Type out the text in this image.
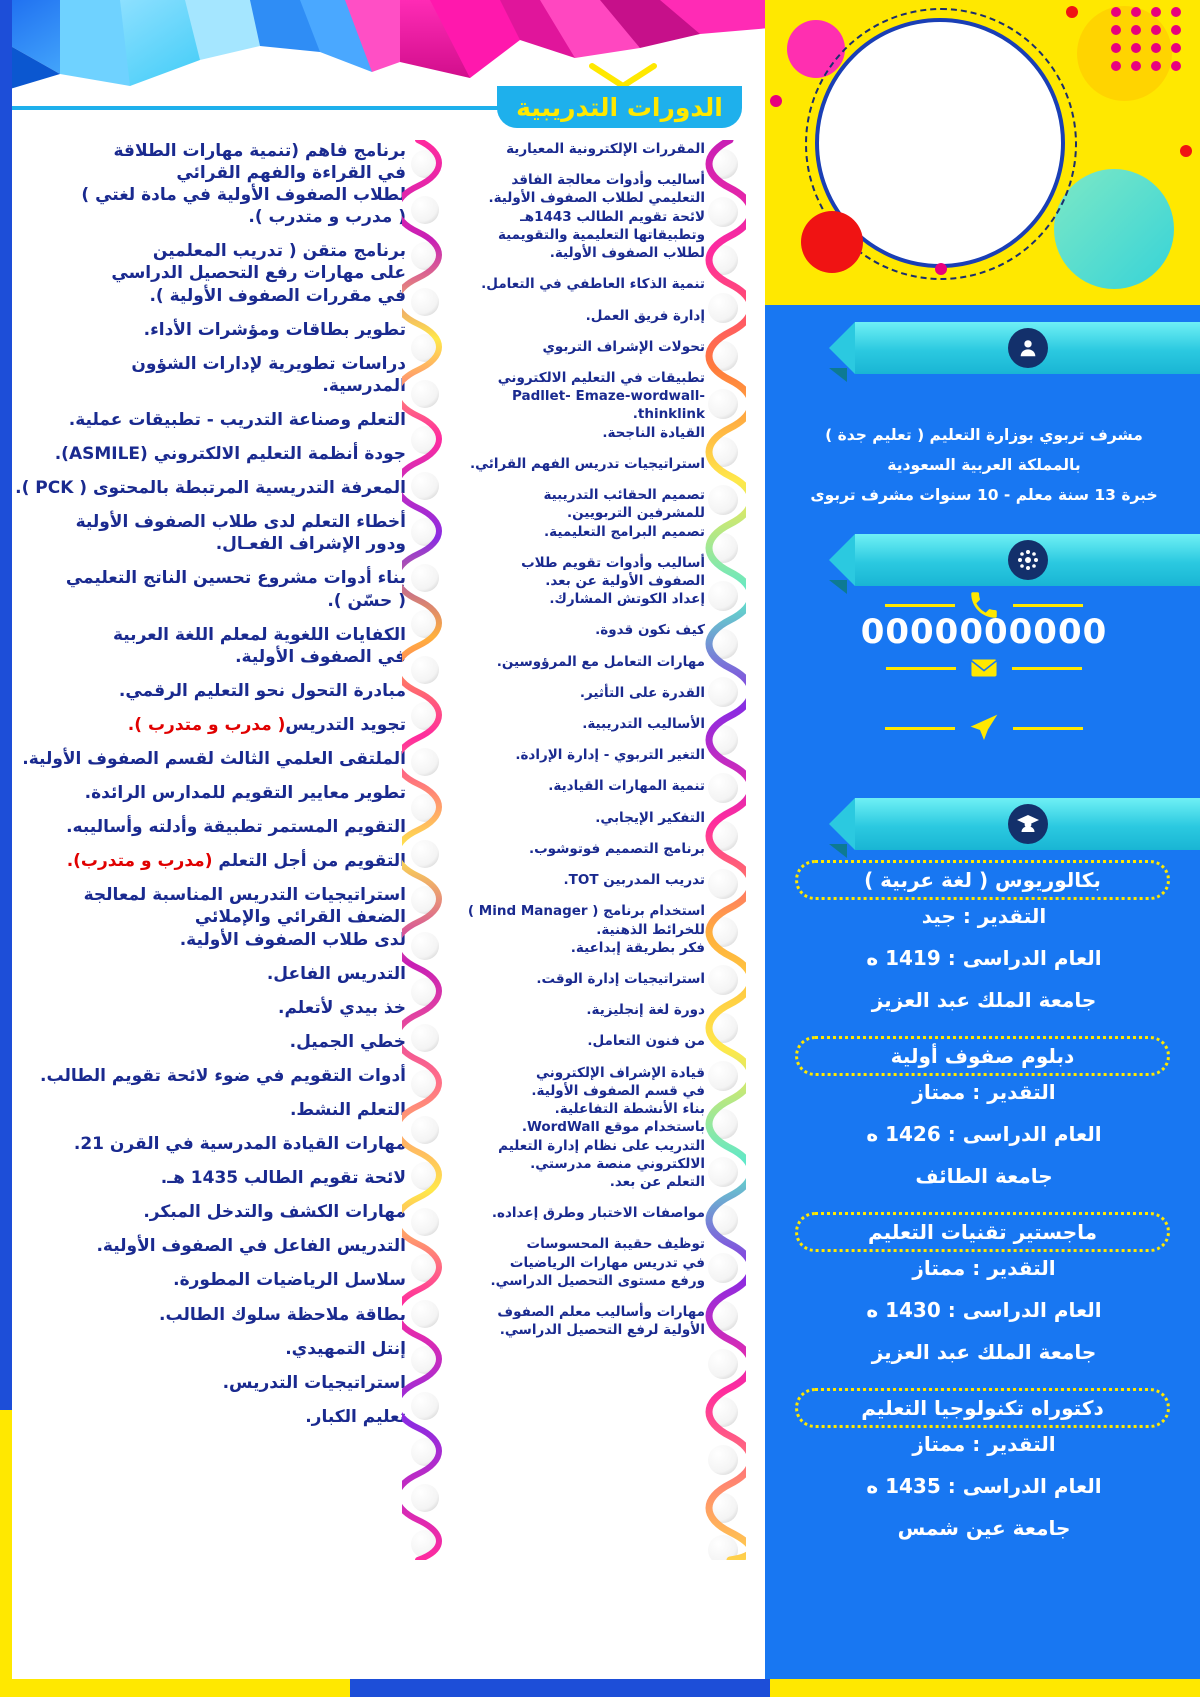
الدورات التدريبية
المقررات الإلكترونية المعيارية
أساليب وأدوات معالجة الفاقد
التعليمي لطلاب الصفوف الأولية.
لائحة تقويم الطالب 1443هـ
وتطبيقاتها التعليمية والتقويمية
لطلاب الصفوف الأولية.
تنمية الذكاء العاطفي في التعامل.
إدارة فريق العمل.
تحولات الإشراف التربوي
تطبيقات في التعليم الالكتروني
Padllet- Emaze-wordwall- thinklink.
القيادة الناجحة.
استراتيجيات تدريس الفهم القرائي.
تصميم الحقائب التدريبية
للمشرفين التربويين.
تصميم البرامج التعليمية.
أساليب وأدوات تقويم طلاب
الصفوف الأولية عن بعد.
إعداد الكوتش المشارك.
كيف نكون قدوة.
مهارات التعامل مع المرؤوسين.
القدرة على التأثير.
الأساليب التدريبية.
التغير التربوي - إدارة الإرادة.
تنمية المهارات القيادية.
التفكير الإيجابي.
برنامج التصميم فوتوشوب.
تدريب المدربين TOT.
استخدام برنامج ( Mind Manager )
للخرائط الذهنية.
فكر بطريقة إبداعية.
استراتيجيات إدارة الوقت.
دورة لغة إنجليزية.
من فنون التعامل.
قيادة الإشراف الإلكتروني
في قسم الصفوف الأولية.
بناء الأنشطة التفاعلية.
باستخدام موقع WordWall.
التدريب على نظام إدارة التعليم
الالكتروني منصة مدرستي.
التعلم عن بعد.
مواصفات الاختبار وطرق إعداده.
توظيف حقيبة المحسوسات
في تدريس مهارات الرياضيات
ورفع مستوى التحصيل الدراسي.
مهارات وأساليب معلم الصفوف
الأولية لرفع التحصيل الدراسي.
برنامج فاهم (تنمية مهارات الطلاقة
في القراءة والفهم القرائي
لطلاب الصفوف الأولية في مادة لغتي )
( مدرب و متدرب ).
برنامج متقن ( تدريب المعلمين
على مهارات رفع التحصيل الدراسي
في مقررات الصفوف الأولية ).
تطوير بطاقات ومؤشرات الأداء.
دراسات تطويرية لإدارات الشؤون
المدرسية.
التعلم وصناعة التدريب - تطبيقات عملية.
جودة أنظمة التعليم الالكتروني (ASMILE).
المعرفة التدريسية المرتبطة بالمحتوى ( PCK ).
أخطاء التعلم لدى طلاب الصفوف الأولية
ودور الإشراف الفعـال.
بناء أدوات مشروع تحسين الناتج التعليمي
( حسّن ).
الكفايات اللغوية لمعلم اللغة العربية
في الصفوف الأولية.
مبادرة التحول نحو التعليم الرقمي.
تجويد التدريس( مدرب و متدرب ).
الملتقى العلمي الثالث لقسم الصفوف الأولية.
تطوير معايير التقويم للمدارس الرائدة.
التقويم المستمر تطبيقة وأدلته وأساليبه.
التقويم من أجل التعلم (مدرب و متدرب).
استراتيجيات التدريس المناسبة لمعالجة
الضعف القرائي والإملائي
لدى طلاب الصفوف الأولية.
التدريس الفاعل.
خذ بيدي لأتعلم.
خطي الجميل.
أدوات التقويم في ضوء لائحة تقويم الطالب.
التعلم النشط.
مهارات القيادة المدرسية في القرن 21.
لائحة تقويم الطالب 1435 هـ.
مهارات الكشف والتدخل المبكر.
التدريس الفاعل في الصفوف الأولية.
سلاسل الرياضيات المطورة.
بطاقة ملاحظة سلوك الطالب.
إنتل التمهيدي.
استراتيجيات التدريس.
تعليم الكبار.
مشرف تربوي بوزارة التعليم ( تعليم جدة )
بالمملكة العربية السعودية
خبرة 13 سنة معلم - 10 سنوات مشرف تربوى
0000000000
بكالوريوس ( لغة عربية )
التقدير : جيد
العام الدراسى : 1419 ه
جامعة الملك عبد العزيز
دبلوم صفوف أولية
التقدير : ممتاز
العام الدراسى : 1426 ه
جامعة الطائف
ماجستير تقنيات التعليم
التقدير : ممتاز
العام الدراسى : 1430 ه
جامعة الملك عبد العزيز
دكتوراه تكنولوجيا التعليم
التقدير : ممتاز
العام الدراسى : 1435 ه
جامعة عين شمس
